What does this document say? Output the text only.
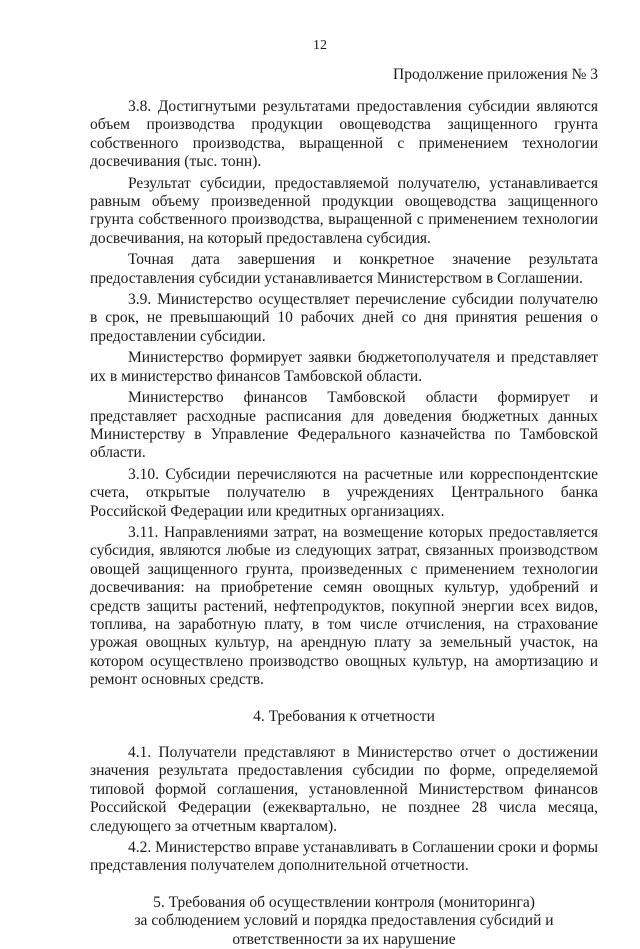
12
Продолжение приложения № 3

3.8. Достигнутыми результатами предоставления субсидии являются объем производства продукции овощеводства защищенного грунта собственного производства, выращенной с применением технологии досвечивания (тыс. тонн).

Результат субсидии, предоставляемой получателю, устанавливается равным объему произведенной продукции овощеводства защищенного грунта собственного производства, выращенной с применением технологии досвечивания, на который предоставлена субсидия.

Точная дата завершения и конкретное значение результата предоставления субсидии устанавливается Министерством в Соглашении.

3.9. Министерство осуществляет перечисление субсидии получателю в срок, не превышающий 10 рабочих дней со дня принятия решения о предоставлении субсидии.

Министерство формирует заявки бюджетополучателя и представляет их в министерство финансов Тамбовской области.

Министерство финансов Тамбовской области формирует и представляет расходные расписания для доведения бюджетных данных Министерству в Управление Федерального казначейства по Тамбовской области.

3.10. Субсидии перечисляются на расчетные или корреспондентские счета, открытые получателю в учреждениях Центрального банка Российской Федерации или кредитных организациях.

3.11. Направлениями затрат, на возмещение которых предоставляется субсидия, являются любые из следующих затрат, связанных производством овощей защищенного грунта, произведенных с применением технологии досвечивания: на приобретение семян овощных культур, удобрений и средств защиты растений, нефтепродуктов, покупной энергии всех видов, топлива, на заработную плату, в том числе отчисления, на страхование урожая овощных культур, на арендную плату за земельный участок, на котором осуществлено производство овощных культур, на амортизацию и ремонт основных средств.

4. Требования к отчетности

4.1. Получатели представляют в Министерство отчет о достижении значения результата предоставления субсидии по форме, определяемой типовой формой соглашения, установленной Министерством финансов Российской Федерации (ежеквартально, не позднее 28 числа месяца, следующего за отчетным кварталом).

4.2. Министерство вправе устанавливать в Соглашении сроки и формы представления получателем дополнительной отчетности.

5. Требования об осуществлении контроля (мониторинга)
за соблюдением условий и порядка предоставления субсидий и
ответственности за их нарушение
